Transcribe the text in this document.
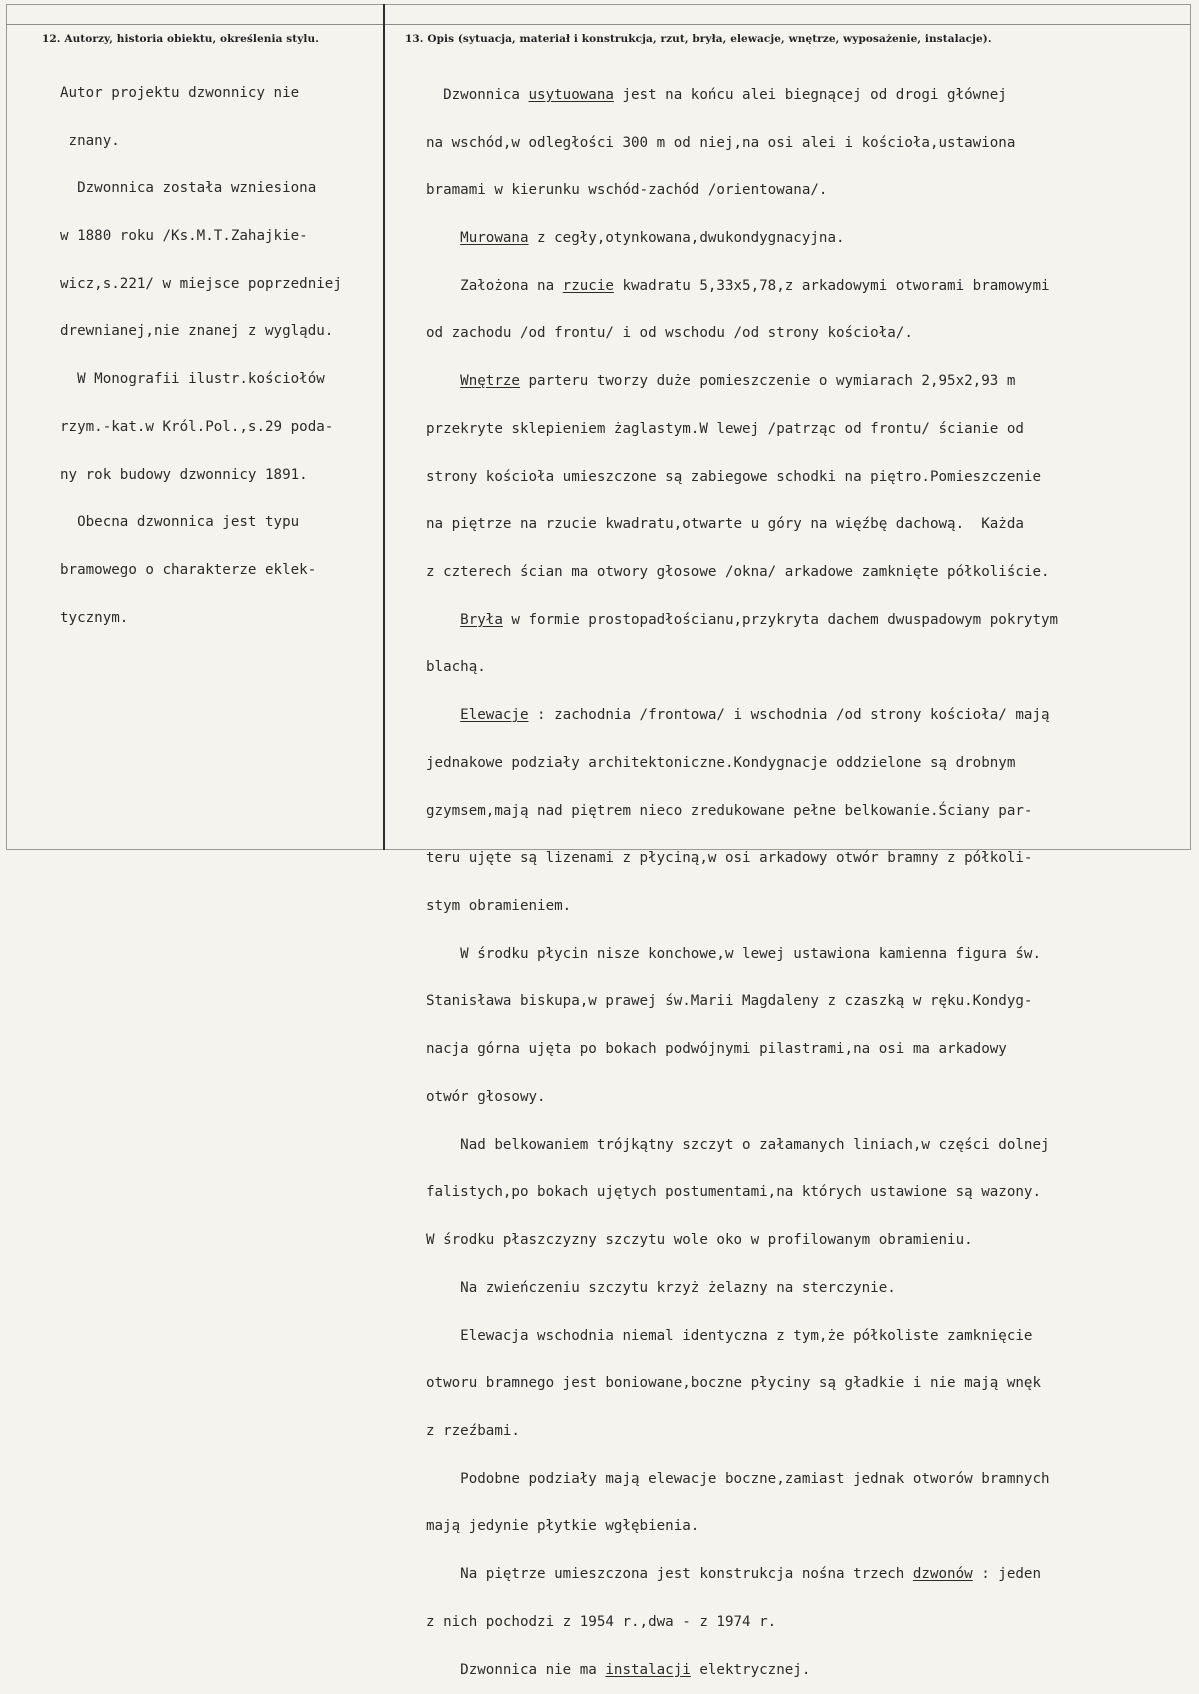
12. Autorzy, historia obiektu, określenia stylu.	13. Opis (sytuacja, materiał i konstrukcja, rzut, bryła, elewacje, wnętrze, wyposażenie, instalacje).

Autor projektu dzwonnicy nie

znany.

Dzwonnica została wzniesiona

w 1880 roku /Ks.M.T.Zahajkie-

wicz,s.221/ w miejsce poprzedniej

drewnianej,nie znanej z wyglądu.

W Monografii ilustr.kościołów

rzym.-kat.w Król.Pol.,s.29 poda-

ny rok budowy dzwonnicy 1891.

Obecna dzwonnica jest typu

bramowego o charakterze eklek-

tycznym.

Dzwonnica usytuowana jest na końcu alei biegnącej od drogi głównej

na wschód,w odległości 300 m od niej,na osi alei i kościoła,ustawiona

bramami w kierunku wschód-zachód /orientowana/.

Murowana z cegły,otynkowana,dwukondygnacyjna.

Założona na rzucie kwadratu 5,33x5,78,z arkadowymi otworami bramowymi

od zachodu /od frontu/ i od wschodu /od strony kościoła/.

Wnętrze parteru tworzy duże pomieszczenie o wymiarach 2,95x2,93 m

przekryte sklepieniem żaglastym.W lewej /patrząc od frontu/ ścianie od

strony kościoła umieszczone są zabiegowe schodki na piętro.Pomieszczenie

na piętrze na rzucie kwadratu,otwarte u góry na więźbę dachową.  Każda

z czterech ścian ma otwory głosowe /okna/ arkadowe zamknięte półkoliście.

Bryła w formie prostopadłościanu,przykryta dachem dwuspadowym pokrytym

blachą.

Elewacje : zachodnia /frontowa/ i wschodnia /od strony kościoła/ mają

jednakowe podziały architektoniczne.Kondygnacje oddzielone są drobnym

gzymsem,mają nad piętrem nieco zredukowane pełne belkowanie.Ściany par-

teru ujęte są lizenami z płyciną,w osi arkadowy otwór bramny z półkoli-

stym obramieniem.

W środku płycin nisze konchowe,w lewej ustawiona kamienna figura św.

Stanisława biskupa,w prawej św.Marii Magdaleny z czaszką w ręku.Kondyg-

nacja górna ujęta po bokach podwójnymi pilastrami,na osi ma arkadowy

otwór głosowy.

Nad belkowaniem trójkątny szczyt o załamanych liniach,w części dolnej

falistych,po bokach ujętych postumentami,na których ustawione są wazony.

W środku płaszczyzny szczytu wole oko w profilowanym obramieniu.

Na zwieńczeniu szczytu krzyż żelazny na sterczynie.

Elewacja wschodnia niemal identyczna z tym,że półkoliste zamknięcie

otworu bramnego jest boniowane,boczne płyciny są gładkie i nie mają wnęk

z rzeźbami.

Podobne podziały mają elewacje boczne,zamiast jednak otworów bramnych

mają jedynie płytkie wgłębienia.

Na piętrze umieszczona jest konstrukcja nośna trzech dzwonów : jeden

z nich pochodzi z 1954 r.,dwa - z 1974 r.

Dzwonnica nie ma instalacji elektrycznej.
